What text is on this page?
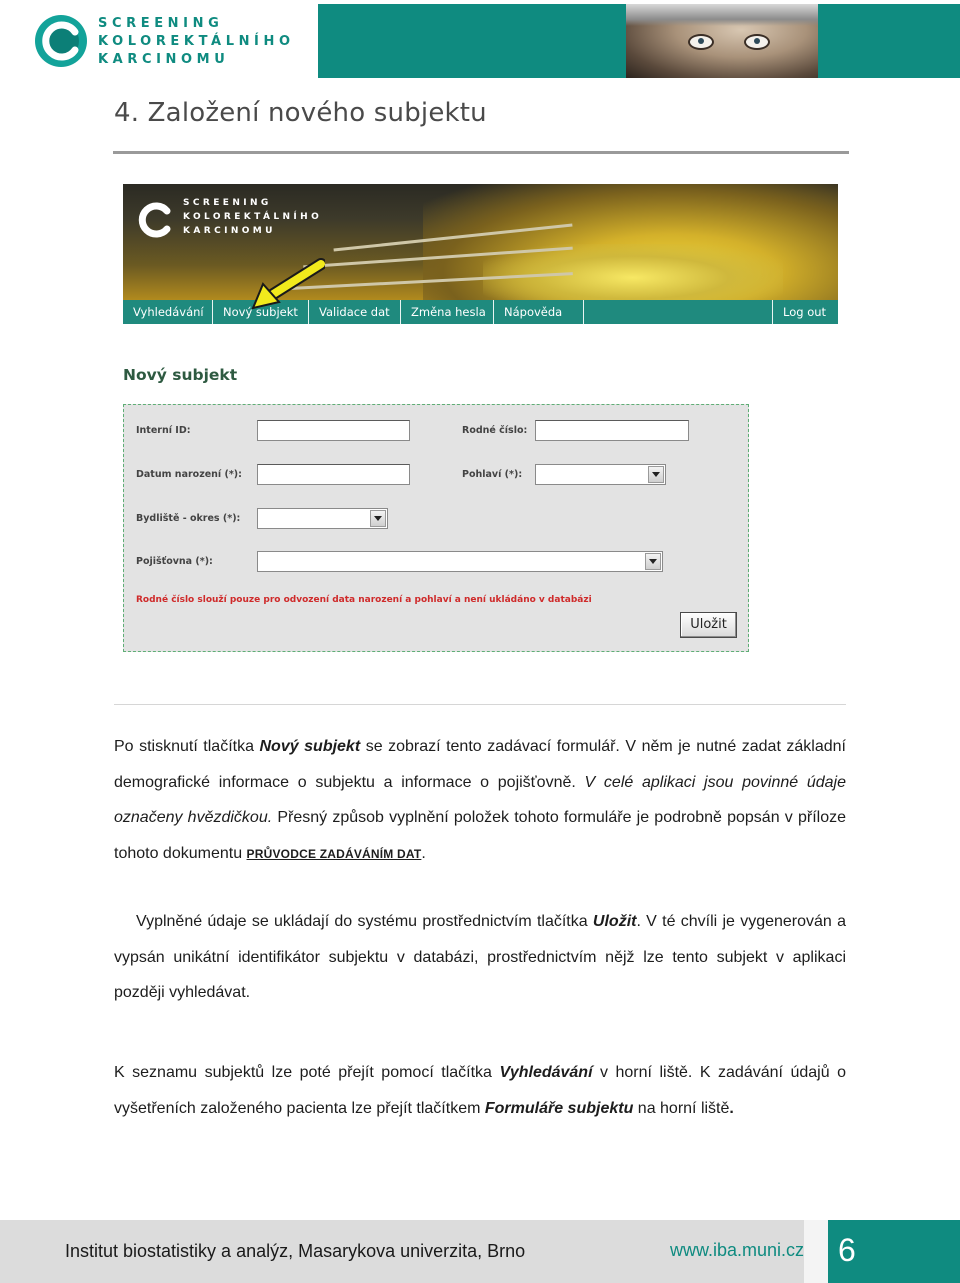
SCREENING
KOLOREKTÁLNÍHO
KARCINOMU
4. Založení nového subjektu
SCREENING
KOLOREKTÁLNÍHO
KARCINOMU
Vyhledávání	Nový subjekt	Validace dat	Změna hesla	Nápověda	Log out
Nový subjekt
Interní ID:	Rodné číslo:
Datum narození (*):	Pohlaví (*):
Bydliště - okres (*):
Pojišťovna (*):
Rodné číslo slouží pouze pro odvození data narození a pohlaví a není ukládáno v databázi
Uložit

Po stisknutí tlačítka Nový subjekt se zobrazí tento zadávací formulář. V něm je nutné zadat základní demografické informace o subjektu a informace o pojišťovně. V celé aplikaci jsou povinné údaje označeny hvězdičkou. Přesný způsob vyplnění položek tohoto formuláře je podrobně popsán v příloze tohoto dokumentu PRŮVODCE ZADÁVÁNÍM DAT.

Vyplněné údaje se ukládají do systému prostřednictvím tlačítka Uložit. V té chvíli je vygenerován a vypsán unikátní identifikátor subjektu v databázi, prostřednictvím nějž lze tento subjekt v aplikaci později vyhledávat.

K seznamu subjektů lze poté přejít pomocí tlačítka Vyhledávání v horní liště. K zadávání údajů o vyšetřeních založeného pacienta lze přejít tlačítkem Formuláře subjektu na horní liště.

Institut biostatistiky a analýz, Masarykova univerzita, Brno	www.iba.muni.cz 6
